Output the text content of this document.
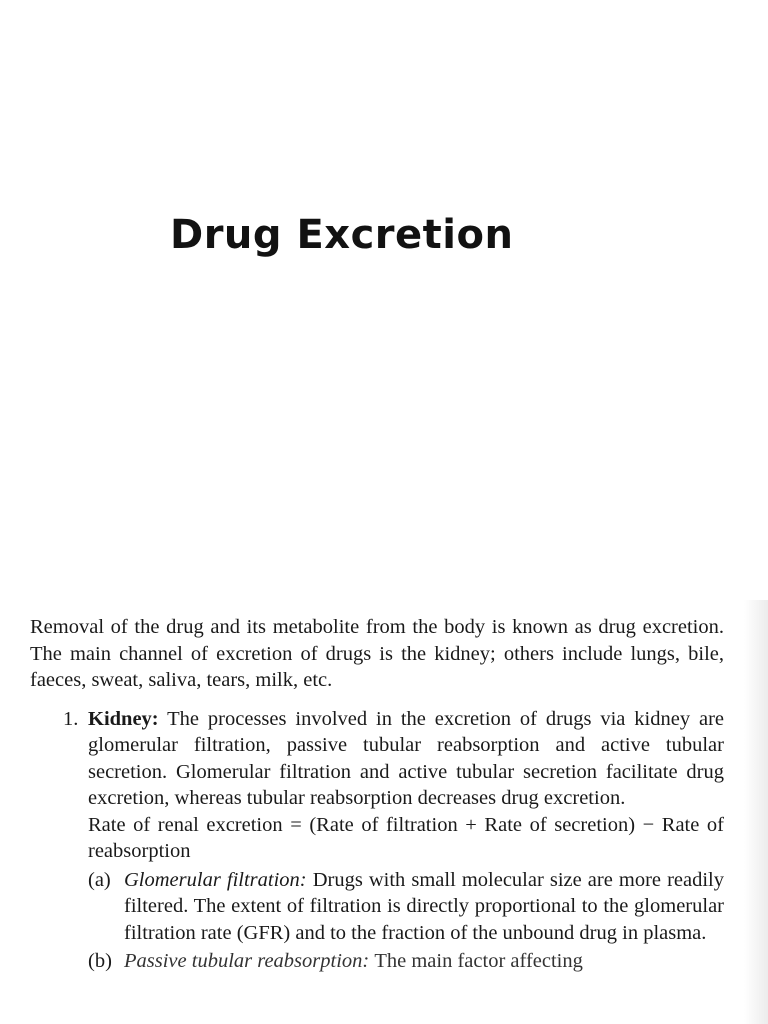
Drug Excretion

Removal of the drug and its metabolite from the body is known as drug excretion. The main channel of excretion of drugs is the kidney; others include lungs, bile, faeces, sweat, saliva, tears, milk, etc.

1. Kidney: The processes involved in the excretion of drugs via kidney are glomerular filtration, passive tubular reabsorption and active tubular secretion. Glomerular filtration and active tubular secretion facilitate drug excretion, whereas tubular reabsorption decreases drug excretion.

Rate of renal excretion = (Rate of filtration + Rate of secretion) − Rate of reabsorption

(a) Glomerular filtration: Drugs with small molecular size are more readily filtered. The extent of filtration is directly proportional to the glomerular filtration rate (GFR) and to the fraction of the unbound drug in plasma.

(b) Passive tubular reabsorption: The main factor affecting
